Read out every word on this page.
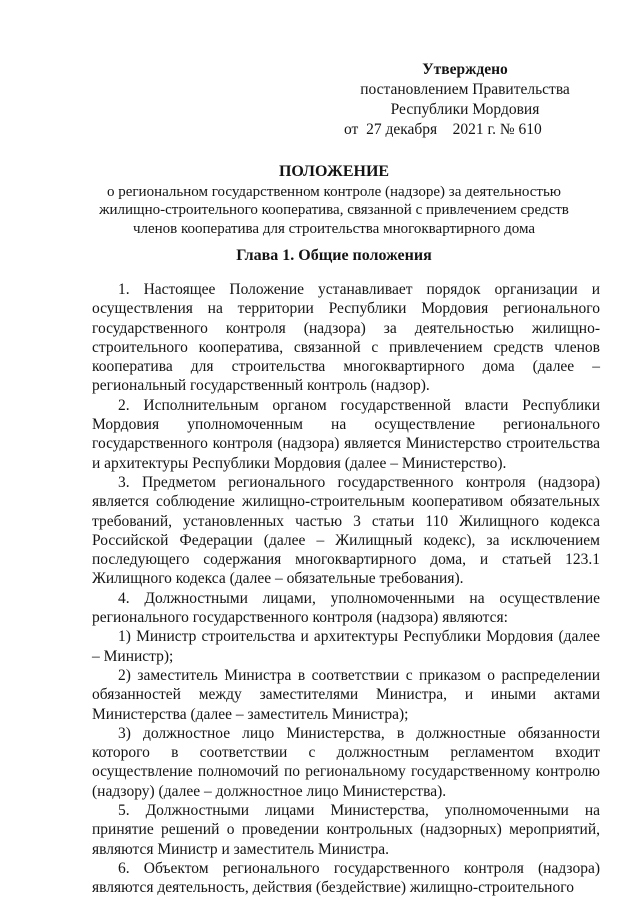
Утверждено
постановлением Правительства
Республики Мордовия
от  27 декабря    2021 г. № 610
ПОЛОЖЕНИЕ
о региональном государственном контроле (надзоре) за деятельностью жилищно-строительного кооператива, связанной с привлечением средств членов кооператива для строительства многоквартирного дома
Глава 1. Общие положения

1. Настоящее Положение устанавливает порядок организации и осуществления на территории Республики Мордовия регионального государственного контроля (надзора) за деятельностью жилищно-строительного кооператива, связанной с привлечением средств членов кооператива для строительства многоквартирного дома (далее – региональный государственный контроль (надзор).

2. Исполнительным органом государственной власти Республики Мордовия уполномоченным на осуществление регионального государственного контроля (надзора) является Министерство строительства и архитектуры Республики Мордовия (далее – Министерство).

3. Предметом регионального государственного контроля (надзора) является соблюдение жилищно-строительным кооперативом обязательных требований, установленных частью 3 статьи 110 Жилищного кодекса Российской Федерации (далее – Жилищный кодекс), за исключением последующего содержания многоквартирного дома, и статьей 123.1 Жилищного кодекса (далее – обязательные требования).

4. Должностными лицами, уполномоченными на осуществление регионального государственного контроля (надзора) являются:

1) Министр строительства и архитектуры Республики Мордовия (далее – Министр);

2) заместитель Министра в соответствии с приказом о распределении обязанностей между заместителями Министра, и иными актами Министерства (далее – заместитель Министра);

3) должностное лицо Министерства, в должностные обязанности которого в соответствии с должностным регламентом входит осуществление полномочий по региональному государственному контролю (надзору) (далее – должностное лицо Министерства).

5. Должностными лицами Министерства, уполномоченными на принятие решений о проведении контрольных (надзорных) мероприятий, являются Министр и заместитель Министра.

6. Объектом регионального государственного контроля (надзора) являются деятельность, действия (бездействие) жилищно-строительного
